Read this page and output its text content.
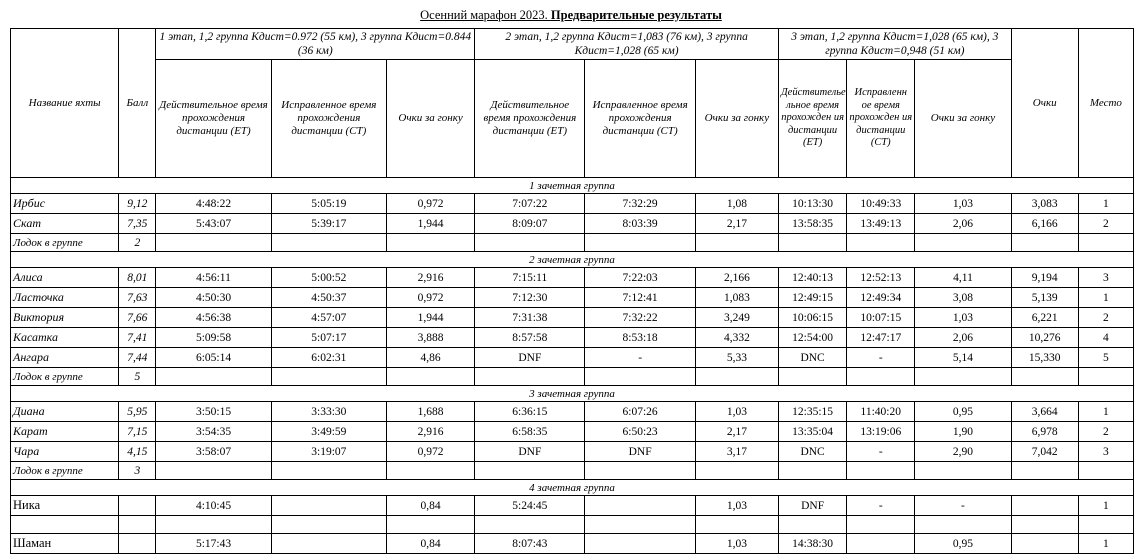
Осенний марафон 2023. Предварительные результаты
Название яхты	Балл	1 этап, 1,2 группа Кдист=0.972 (55 км), 3 группа Кдист=0.844 (36 км)			2 этап, 1,2 группа Кдист=1,083 (76 км), 3 группа Кдист=1,028 (65 км)			3 этап, 1,2 группа Кдист=1,028 (65 км), 3 группа Кдист=0,948 (51 км)			Очки	Место
		Действительное время прохождения дистанции (ЕТ)	Исправленное время прохождения дистанции (СТ)	Очки за гонку	Действительное время прохождения дистанции (ЕТ)	Исправленное время прохождения дистанции (СТ)	Очки за гонку	Действителье льное время прохожден ия дистанции (ЕТ)	Исправленн ое время прохожден ия дистанции (СТ)	Очки за гонку		
1 зачетная группа												
Ирбис	9,12	4:48:22	5:05:19	0,972	7:07:22	7:32:29	1,08	10:13:30	10:49:33	1,03	3,083	1
Скат	7,35	5:43:07	5:39:17	1,944	8:09:07	8:03:39	2,17	13:58:35	13:49:13	2,06	6,166	2
Лодок в группе	2											
2 зачетная группа												
Алиса	8,01	4:56:11	5:00:52	2,916	7:15:11	7:22:03	2,166	12:40:13	12:52:13	4,11	9,194	3
Ласточка	7,63	4:50:30	4:50:37	0,972	7:12:30	7:12:41	1,083	12:49:15	12:49:34	3,08	5,139	1
Виктория	7,66	4:56:38	4:57:07	1,944	7:31:38	7:32:22	3,249	10:06:15	10:07:15	1,03	6,221	2
Касатка	7,41	5:09:58	5:07:17	3,888	8:57:58	8:53:18	4,332	12:54:00	12:47:17	2,06	10,276	4
Ангара	7,44	6:05:14	6:02:31	4,86	DNF	-	5,33	DNC	-	5,14	15,330	5
Лодок в группе	5											
3 зачетная группа												
Диана	5,95	3:50:15	3:33:30	1,688	6:36:15	6:07:26	1,03	12:35:15	11:40:20	0,95	3,664	1
Карат	7,15	3:54:35	3:49:59	2,916	6:58:35	6:50:23	2,17	13:35:04	13:19:06	1,90	6,978	2
Чара	4,15	3:58:07	3:19:07	0,972	DNF	DNF	3,17	DNC	-	2,90	7,042	3
Лодок в группе	3											
4 зачетная группа												
Ника		4:10:45		0,84	5:24:45		1,03	DNF	-	-		1

Шаман		5:17:43		0,84	8:07:43		1,03	14:38:30		0,95		1
